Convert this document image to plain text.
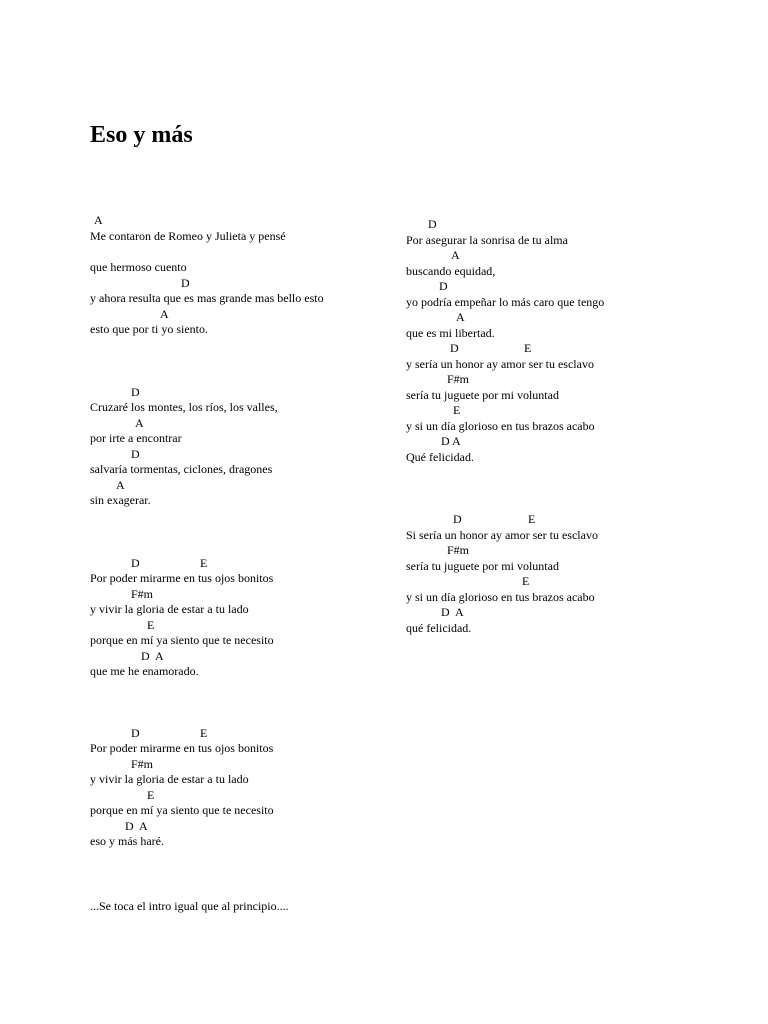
Eso y más
A
Me contaron de Romeo y Julieta y pensé
que hermoso cuento
D
y ahora resulta que es mas grande mas bello esto
A
esto que por ti yo siento.
D
Cruzaré los montes, los ríos, los valles,
A
por irte a encontrar
D
salvaría tormentas, ciclones, dragones
A
sin exagerar.
D	E
Por poder mirarme en tus ojos bonitos
F#m
y vivir la gloria de estar a tu lado
E
porque en mí ya siento que te necesito
D  A
que me he enamorado.
D	E
Por poder mirarme en tus ojos bonitos
F#m
y vivir la gloria de estar a tu lado
E
porque en mí ya siento que te necesito
D  A
eso y más haré.
...Se toca el intro igual que al principio....
D
Por asegurar la sonrisa de tu alma
A
buscando equidad,
D
yo podría empeñar lo más caro que tengo
A
que es mi libertad.
D	E
y sería un honor ay amor ser tu esclavo
F#m
sería tu juguete por mi voluntad
E
y si un día glorioso en tus brazos acabo
D A
Qué felicidad.
D	E
Si sería un honor ay amor ser tu esclavo
F#m
sería tu juguete por mi voluntad
E
y si un día glorioso en tus brazos acabo
D  A
qué felicidad.
